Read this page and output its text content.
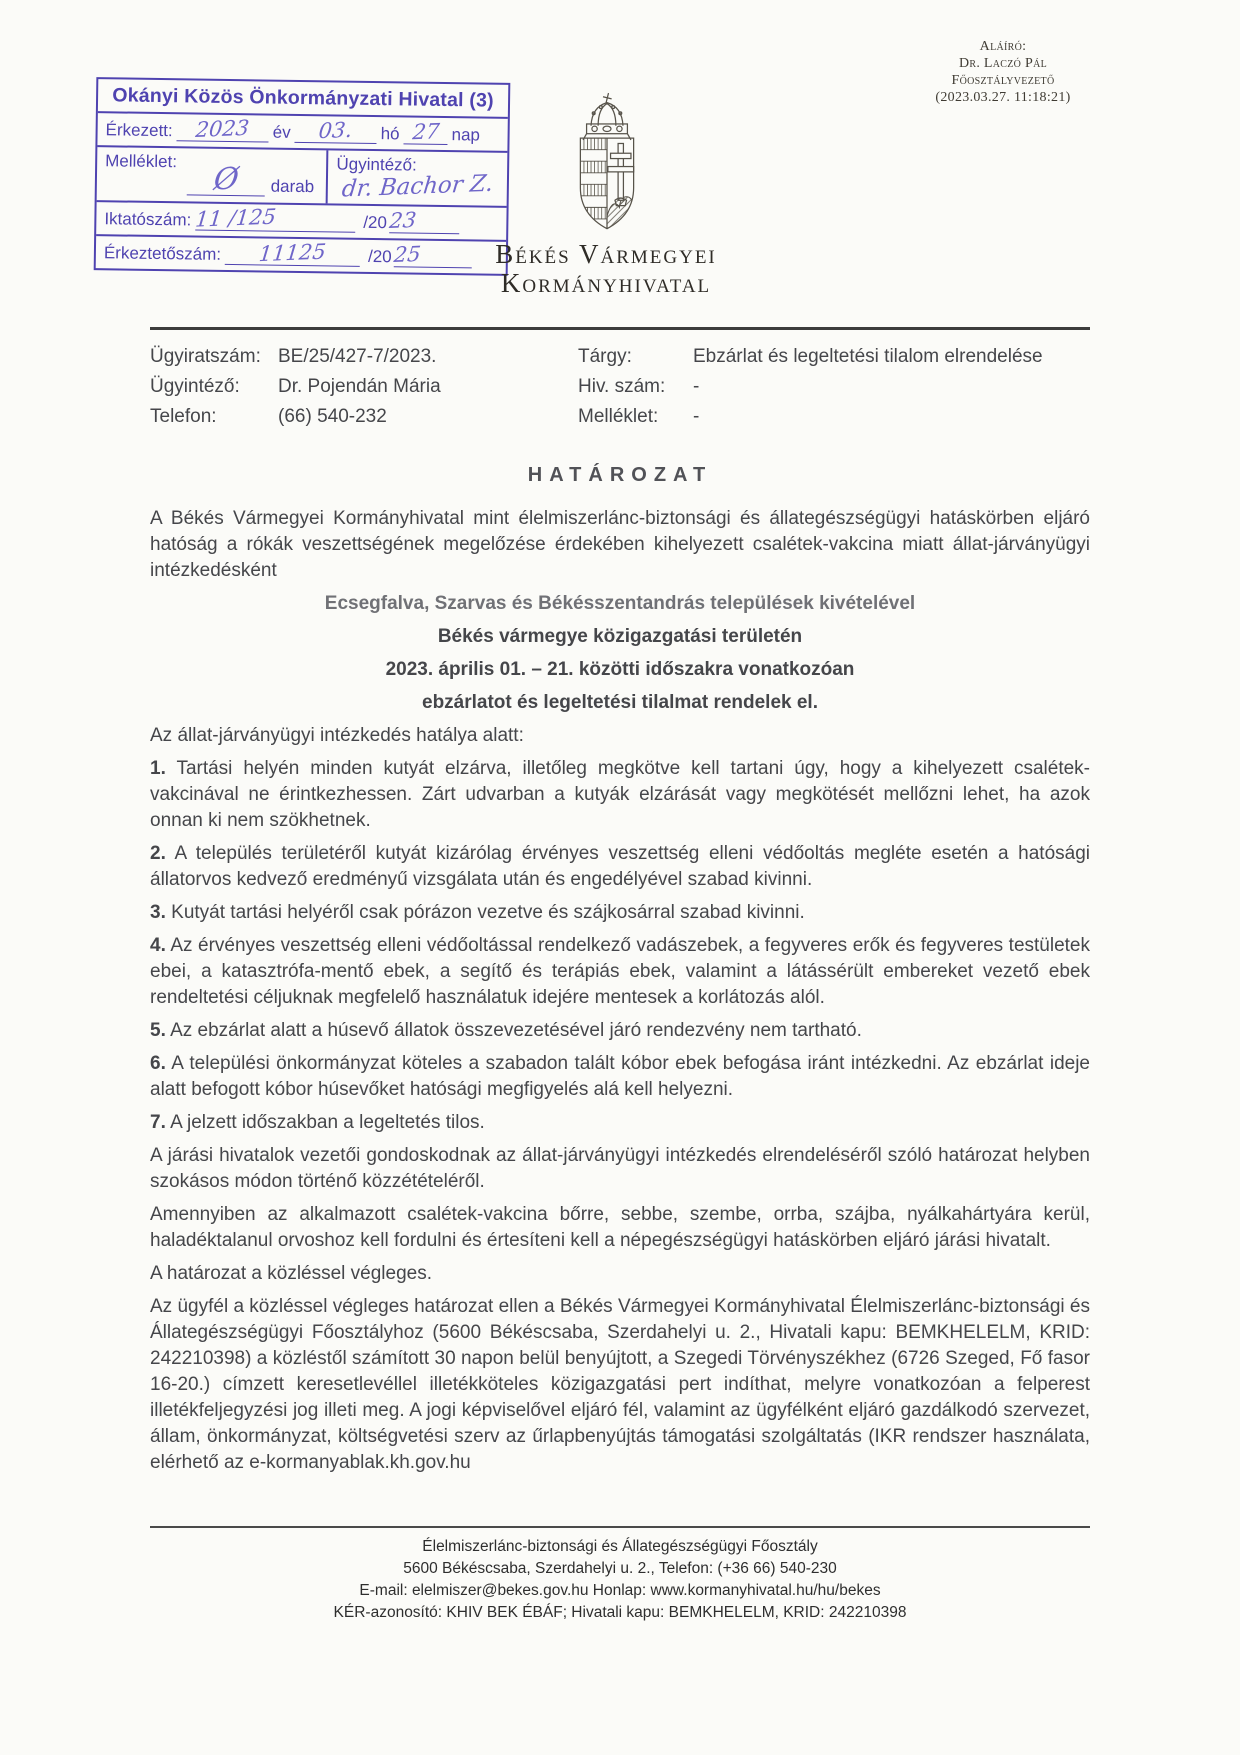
Okányi Közös Önkormányzati Hivatal (3)
Érkezett:	2023	év	03.	hó 27 nap
Melléklet:
Ø	darab
Ügyintéző:
dr. Bachor Z.
Iktatószám: 11 /125	/20 23
Érkeztetőszám:	11125	/20 25
Aláíró:
Dr. Laczó Pál
Főosztályvezető
(2023.03.27. 11:18:21)
Békés Vármegyei
Kormányhivatal
Ügyiratszám: BE/25/427-7/2023.	Tárgy:	Ebzárlat és legeltetési tilalom elrendelése
Ügyintéző:	Dr. Pojendán Mária	Hiv. szám:	-
Telefon:	(66) 540-232	Melléklet:	-
HATÁROZAT

A Békés Vármegyei Kormányhivatal mint élelmiszerlánc-biztonsági és állategészségügyi hatáskörben eljáró hatóság a rókák veszettségének megelőzése érdekében kihelyezett csalétek-vakcina miatt állat-járványügyi intézkedésként

Ecsegfalva, Szarvas és Békésszentandrás települések kivételével
Békés vármegye közigazgatási területén
2023. április 01. – 21. közötti időszakra vonatkozóan
ebzárlatot és legeltetési tilalmat rendelek el.

Az állat-járványügyi intézkedés hatálya alatt:

1. Tartási helyén minden kutyát elzárva, illetőleg megkötve kell tartani úgy, hogy a kihelyezett csalétek-vakcinával ne érintkezhessen. Zárt udvarban a kutyák elzárását vagy megkötését mellőzni lehet, ha azok onnan ki nem szökhetnek.

2. A település területéről kutyát kizárólag érvényes veszettség elleni védőoltás megléte esetén a hatósági állatorvos kedvező eredményű vizsgálata után és engedélyével szabad kivinni.

3. Kutyát tartási helyéről csak pórázon vezetve és szájkosárral szabad kivinni.

4. Az érvényes veszettség elleni védőoltással rendelkező vadászebek, a fegyveres erők és fegyveres testületek ebei, a katasztrófa-mentő ebek, a segítő és terápiás ebek, valamint a látássérült embereket vezető ebek rendeltetési céljuknak megfelelő használatuk idejére mentesek a korlátozás alól.

5. Az ebzárlat alatt a húsevő állatok összevezetésével járó rendezvény nem tartható.

6. A települési önkormányzat köteles a szabadon talált kóbor ebek befogása iránt intézkedni. Az ebzárlat ideje alatt befogott kóbor húsevőket hatósági megfigyelés alá kell helyezni.

7. A jelzett időszakban a legeltetés tilos.

A járási hivatalok vezetői gondoskodnak az állat-járványügyi intézkedés elrendeléséről szóló határozat helyben szokásos módon történő közzétételéről.

Amennyiben az alkalmazott csalétek-vakcina bőrre, sebbe, szembe, orrba, szájba, nyálkahártyára kerül, haladéktalanul orvoshoz kell fordulni és értesíteni kell a népegészségügyi hatáskörben eljáró járási hivatalt.

A határozat a közléssel végleges.

Az ügyfél a közléssel végleges határozat ellen a Békés Vármegyei Kormányhivatal Élelmiszerlánc-biztonsági és Állategészségügyi Főosztályhoz (5600 Békéscsaba, Szerdahelyi u. 2., Hivatali kapu: BEMKHELELM, KRID: 242210398) a közléstől számított 30 napon belül benyújtott, a Szegedi Törvényszékhez (6726 Szeged, Fő fasor 16-20.) címzett keresetlevéllel illetékköteles közigazgatási pert indíthat, melyre vonatkozóan a felperest illetékfeljegyzési jog illeti meg. A jogi képviselővel eljáró fél, valamint az ügyfélként eljáró gazdálkodó szervezet, állam, önkormányzat, költségvetési szerv az űrlapbenyújtás támogatási szolgáltatás (IKR rendszer használata, elérhető az e-kormanyablak.kh.gov.hu

Élelmiszerlánc-biztonsági és Állategészségügyi Főosztály
5600 Békéscsaba, Szerdahelyi u. 2., Telefon: (+36 66) 540-230
E-mail: elelmiszer@bekes.gov.hu Honlap: www.kormanyhivatal.hu/hu/bekes
KÉR-azonosító: KHIV BEK ÉBÁF; Hivatali kapu: BEMKHELELM, KRID: 242210398
